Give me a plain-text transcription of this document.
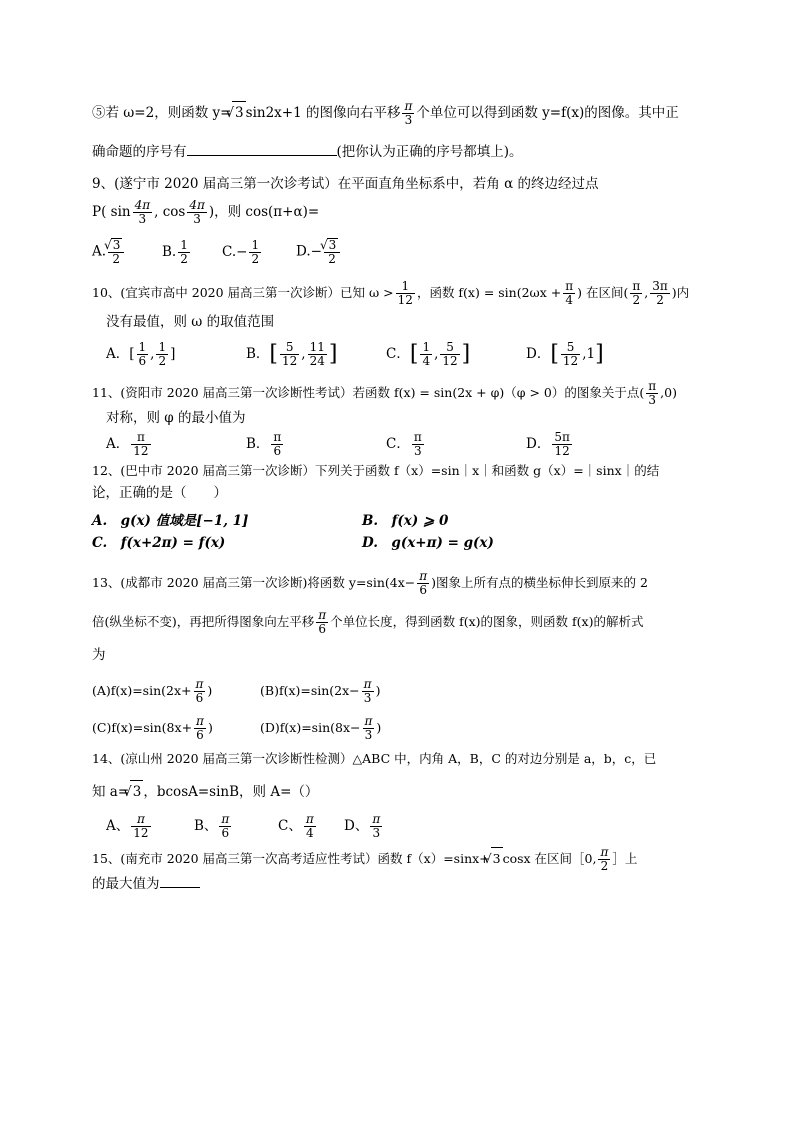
⑤若 ω=2，则函数 y= √ 3 sin2x+1 的图像向右平移 $\frac{\pi}{3}$ 个单位可以得到函数 y=f(x)的图像。其中正
确命题的序号有	(把你认为正确的序号都填上)。
9、(遂宁市 2020 届高三第一次诊考试）在平面直角坐标系中，若角 α 的终边经过点
P( $\sin \frac{4\pi}{3}$ , $\cos \frac{4\pi}{3}$ )，则 cos(π+α)=
A. √ $\frac{3}{2}$	B. $\frac{1}{2} C.- \frac{1}{2}$	D.− √ $\frac{3}{2}$
10、(宜宾市高中 2020 届高三第一次诊断）已知 $\omega > \frac{1}{12}$ ，函数 $f(x) = \sin(2\omega x + \frac{\pi}{4}$ ) 在区间( $\frac{\pi}{2}$ , $\frac{3\pi}{2}$ )内
没有最值，则 ω 的取值范围
A．[ $\frac{1}{6}$ , $\frac{1}{2}$ ]	B．[ $\frac{5}{12}$ , $\frac{11}{24}$ ]	C．[ $\frac{1}{4}$ , $\frac{5}{12}$ ]	D．[ $\frac{5}{12} ,1$]
11、(资阳市 2020 届高三第一次诊断性考试）若函数 f(x) = sin(2x + φ)（φ > 0）的图象关于点( $\frac{\pi}{3} ,0$)
对称，则 φ 的最小值为
A． $\frac{\pi}{12}$	B． $\frac{\pi}{6}$	C． $\frac{\pi}{3}$	D． $\frac{5\pi}{12}$
12、(巴中市 2020 届高三第一次诊断）下列关于函数 f（x）=sin｜x｜和函数 g（x）=｜sinx｜的结
论，正确的是（　　）
A.　g(x) 值域是[−1, 1]	B.　f(x) ⩾ 0
C.　f(x+2π) = f(x)	D.　g(x+π) = g(x)
13、(成都市 2020 届高三第一次诊断)将函数 $y=\sin(4x- \frac{\pi}{6}$ )图象上所有点的横坐标伸长到原来的 2
倍(纵坐标不变)，再把所得图象向左平移 $\frac{\pi}{6}$ 个单位长度，得到函数 f(x)的图象，则函数 f(x)的解析式
为
$(A)f(x)=\sin(2x+ \frac{\pi}{6}$ )	$(B)f(x)=\sin(2x- \frac{\pi}{3}$ )
$(C)f(x)=\sin(8x+ \frac{\pi}{6}$ )	$(D)f(x)=\sin(8x- \frac{\pi}{3}$ )
14、(凉山州 2020 届高三第一次诊断性检测）△ABC 中，内角 A，B，C 的对边分别是 a，b，c，已
知 a= √ 3 ，bcosA=sinB，则 A=（）
A、 $\frac{\pi}{12}$	B、 $\frac{\pi}{6}$	C、 $\frac{\pi}{4}$ D、 $\frac{\pi}{3}$
15、(南充市 2020 届高三第一次高考适应性考试）函数 f（x）=sinx+ √ 3 cosx 在区间［0, $\frac{\pi}{2}$ ］上
的最大值为
